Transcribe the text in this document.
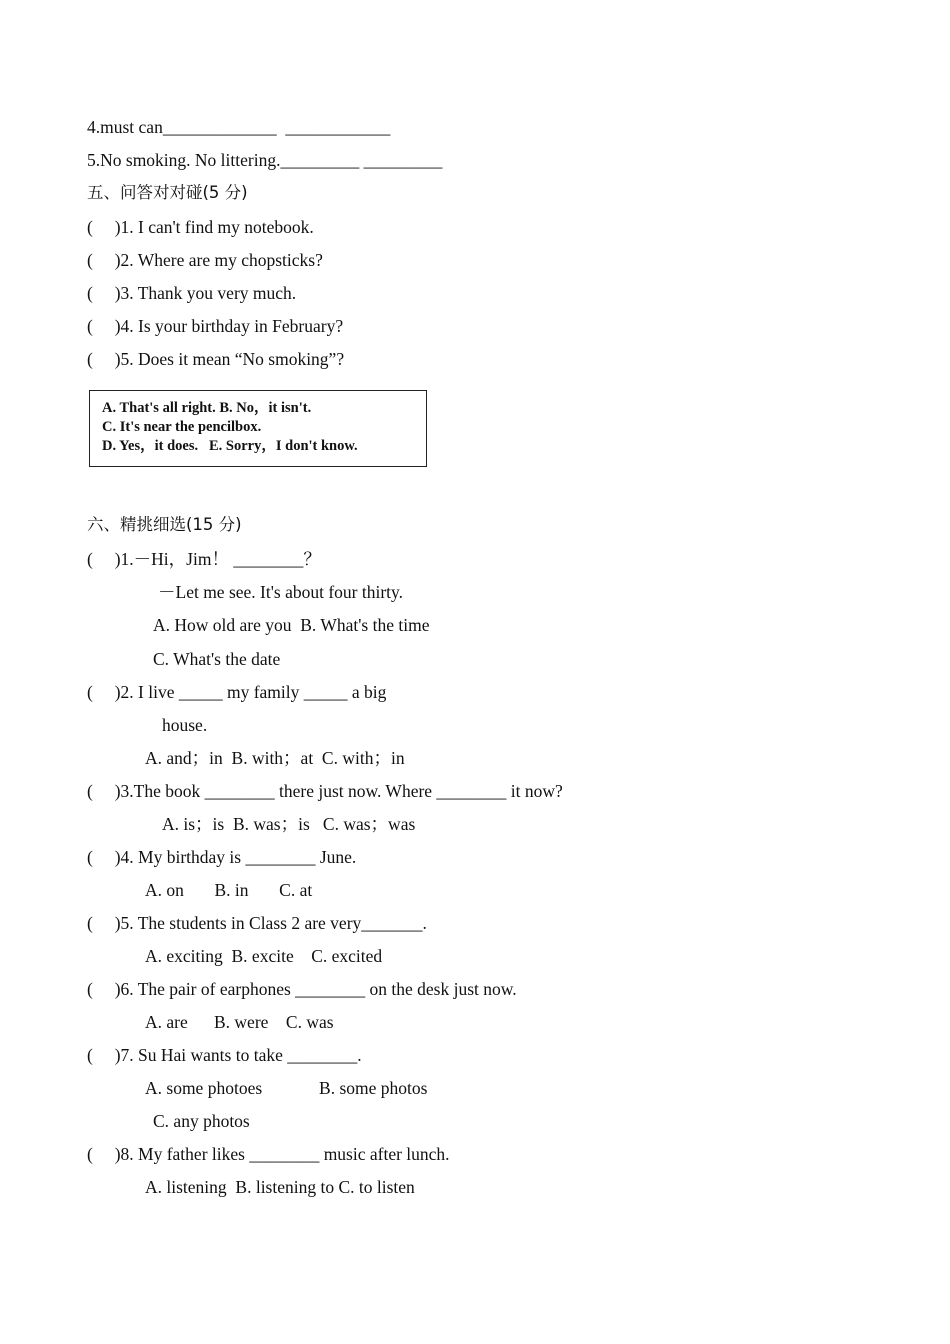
4.must can_____________  ____________
5.No smoking. No littering._________ _________
五、问答对对碰(5 分)
(     )1. I can't find my notebook.
(     )2. Where are my chopsticks?
(     )3. Thank you very much.
(     )4. Is your birthday in February?
(     )5. Does it mean “No smoking”?
A. That's all right. B. No，it isn't.
C. It's near the pencilbox.
D. Yes，it does.   E. Sorry，I don't know.
六、精挑细选(15 分)
(     )1.－Hi，Jim！ ________？
－Let me see. It's about four thirty.
A. How old are you  B. What's the time
C. What's the date
(     )2. I live _____ my family _____ a big
house.
A. and；in  B. with；at  C. with；in
(     )3.The book ________ there just now. Where ________ it now?
A. is；is  B. was；is   C. was；was
(     )4. My birthday is ________ June.
A. on       B. in       C. at
(     )5. The students in Class 2 are very_______.
A. exciting  B. excite    C. excited
(     )6. The pair of earphones ________ on the desk just now.
A. are      B. were    C. was
(     )7. Su Hai wants to take ________.
A. some photoes             B. some photos
C. any photos
(     )8. My father likes ________ music after lunch.
A. listening  B. listening to C. to listen
